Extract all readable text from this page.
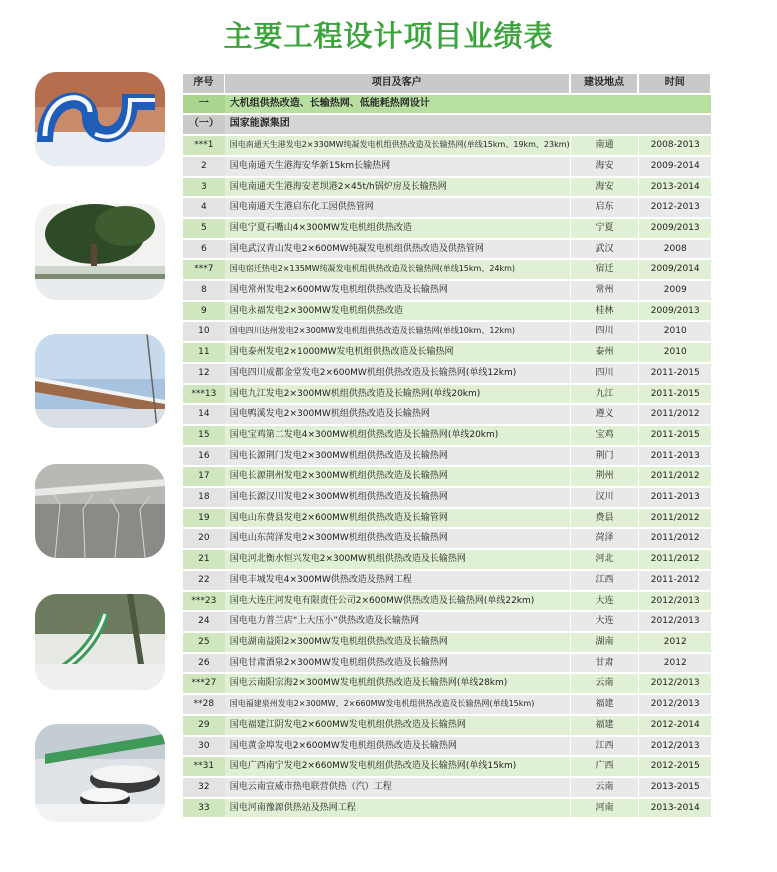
主要工程设计项目业绩表
序号	项目及客户	建设地点	时间
一	大机组供热改造、长输热网、低能耗热网设计		
（一）	国家能源集团		
***1	国电南通天生港发电2×330MW纯凝发电机组供热改造及长输热网(单线15km、19km、23km)	南通	2008-2013
2	国电南通天生港海安华新15km长输热网	海安	2009-2014
3	国电南通天生港海安老坝港2×45t/h锅炉房及长输热网	海安	2013-2014
4	国电南通天生港启东化工园供热管网	启东	2012-2013
5	国电宁夏石嘴山4×300MW发电机组供热改造	宁夏	2009/2013
6	国电武汉青山发电2×600MW纯凝发电机组供热改造及供热管网	武汉	2008
***7	国电宿迁热电2×135MW纯凝发电机组供热改造及长输热网(单线15km、24km)	宿迁	2009/2014
8	国电常州发电2×600MW发电机组供热改造及长输热网	常州	2009
9	国电永福发电2×300MW发电机组供热改造	桂林	2009/2013
10	国电四川达州发电2×300MW发电机组供热改造及长输热网(单线10km、12km)	四川	2010
11	国电泰州发电2×1000MW发电机组供热改造及长输热网	泰州	2010
12	国电四川成都金堂发电2×600MW机组供热改造及长输热网(单线12km)	四川	2011-2015
***13	国电九江发电2×300MW机组供热改造及长输热网(单线20km)	九江	2011-2015
14	国电鸭溪发电2×300MW机组供热改造及长输热网	遵义	2011/2012
15	国电宝鸡第二发电4×300MW机组供热改造及长输热网(单线20km)	宝鸡	2011-2015
16	国电长源荆门发电2×300MW机组供热改造及长输热网	荆门	2011-2013
17	国电长源荆州发电2×300MW机组供热改造及长输热网	荆州	2011/2012
18	国电长源汉川发电2×300MW机组供热改造及长输热网	汉川	2011-2013
19	国电山东费县发电2×600MW机组供热改造及长输管网	费县	2011/2012
20	国电山东菏泽发电2×300MW机组供热改造及长输热网	菏泽	2011/2012
21	国电河北衡水恒兴发电2×300MW机组供热改造及长输热网	河北	2011/2012
22	国电丰城发电4×300MW供热改造及热网工程	江西	2011-2012
***23	国电大连庄河发电有限责任公司2×600MW供热改造及长输热网(单线22km)	大连	2012/2013
24	国电电力普兰店“上大压小”供热改造及长输热网	大连	2012/2013
25	国电湖南益阳2×300MW发电机组供热改造及长输热网	湖南	2012
26	国电甘肃酒泉2×300MW发电机组供热改造及长输热网	甘肃	2012
***27	国电云南阳宗海2×300MW发电机组供热改造及长输热网(单线28km)	云南	2012/2013
**28	国电福建泉州发电2×300MW、2×660MW发电机组供热改造及长输热网(单线15km)	福建	2012/2013
29	国电福建江阴发电2×600MW发电机组供热改造及长输热网	福建	2012-2014
30	国电黄金埠发电2×600MW发电机组供热改造及长输热网	江西	2012/2013
**31	国电广西南宁发电2×660MW发电机组供热改造及长输热网(单线15km)	广西	2012-2015
32	国电云南宣威市热电联营供热（汽）工程	云南	2013-2015
33	国电河南豫源供热站及热网工程	河南	2013-2014
